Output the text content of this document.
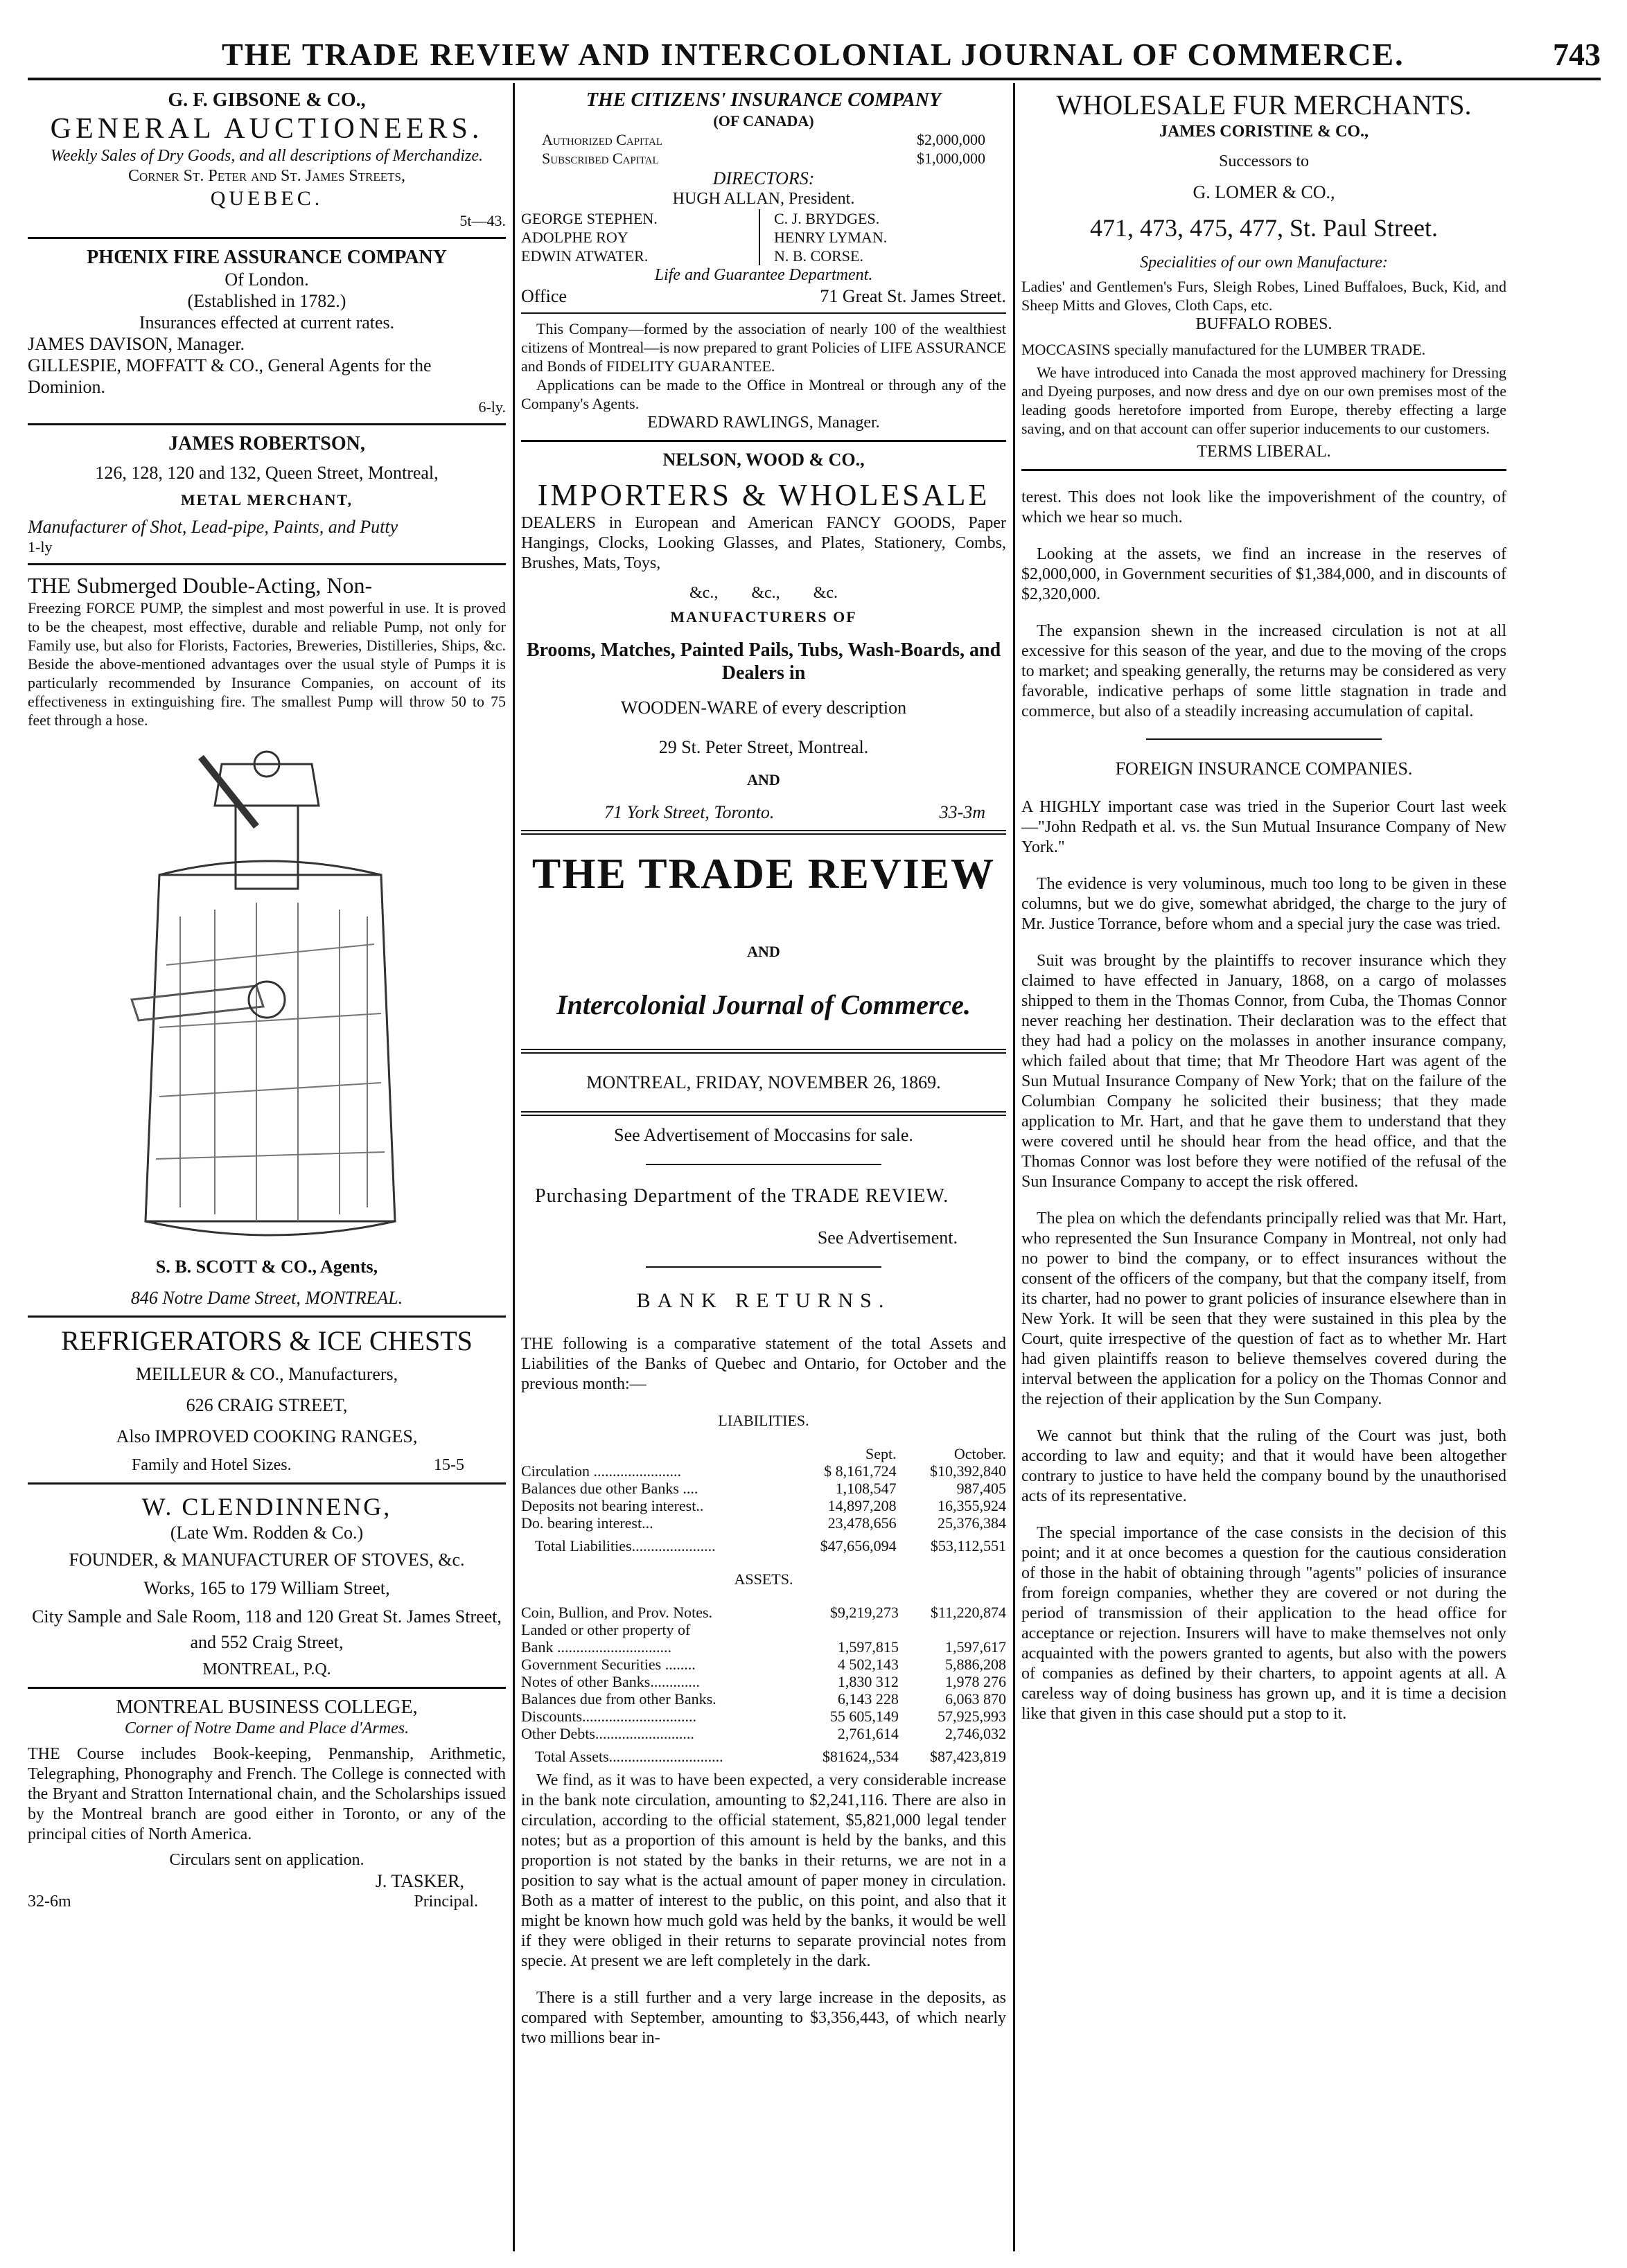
THE TRADE REVIEW AND INTERCOLONIAL JOURNAL OF COMMERCE.	743

G. F. GIBSONE & CO.,

GENERAL AUCTIONEERS.

Weekly Sales of Dry Goods, and all descriptions of Merchandize.

Corner St. Peter and St. James Streets,

QUEBEC.

5t—43.

PHŒNIX FIRE ASSURANCE COMPANY

Of London.

(Established in 1782.)

Insurances effected at current rates.

JAMES DAVISON, Manager.

GILLESPIE, MOFFATT & CO., General Agents for the Dominion.

6-ly.

JAMES ROBERTSON,

126, 128, 120 and 132, Queen Street, Montreal,

METAL MERCHANT,

Manufacturer of Shot, Lead-pipe, Paints, and Putty

1-ly

THE Submerged Double-Acting, Non-

Freezing FORCE PUMP, the simplest and most powerful in use. It is proved to be the cheapest, most effective, durable and reliable Pump, not only for Family use, but also for Florists, Factories, Breweries, Distilleries, Ships, &c. Beside the above-mentioned advantages over the usual style of Pumps it is particularly recommended by Insurance Companies, on account of its effectiveness in extinguishing fire. The smallest Pump will throw 50 to 75 feet through a hose.

S. B. SCOTT & CO., Agents,

846 Notre Dame Street, MONTREAL.

REFRIGERATORS & ICE CHESTS

MEILLEUR & CO., Manufacturers,

626 CRAIG STREET,

Also IMPROVED COOKING RANGES,

Family and Hotel Sizes.	15-5

W. CLENDINNENG,

(Late Wm. Rodden & Co.)

FOUNDER, & MANUFACTURER OF STOVES, &c.

Works, 165 to 179 William Street,

City Sample and Sale Room, 118 and 120 Great St. James Street,

and 552 Craig Street,

MONTREAL, P.Q.

MONTREAL BUSINESS COLLEGE,

Corner of Notre Dame and Place d'Armes.

THE Course includes Book-keeping, Penmanship, Arithmetic, Telegraphing, Phonography and French. The College is connected with the Bryant and Stratton International chain, and the Scholarships issued by the Montreal branch are good either in Toronto, or any of the principal cities of North America.

Circulars sent on application.

J. TASKER,

32-6m	Principal.

THE CITIZENS' INSURANCE COMPANY

(OF CANADA)

Authorized Capital	$2,000,000
Subscribed Capital	$1,000,000

DIRECTORS:

HUGH ALLAN, President.

GEORGE STEPHEN.

ADOLPHE ROY

EDWIN ATWATER.

C. J. BRYDGES.

HENRY LYMAN.

N. B. CORSE.

Life and Guarantee Department.

Office	71 Great St. James Street.

This Company—formed by the association of nearly 100 of the wealthiest citizens of Montreal—is now prepared to grant Policies of LIFE ASSURANCE and Bonds of FIDELITY GUARANTEE.

Applications can be made to the Office in Montreal or through any of the Company's Agents.

EDWARD RAWLINGS, Manager.

NELSON, WOOD & CO.,

IMPORTERS & WHOLESALE

DEALERS in European and American FANCY GOODS, Paper Hangings, Clocks, Looking Glasses, and Plates, Stationery, Combs, Brushes, Mats, Toys,

&c.,        &c.,        &c.

MANUFACTURERS OF

Brooms, Matches, Painted Pails, Tubs, Wash-Boards, and Dealers in

WOODEN-WARE of every description

29 St. Peter Street, Montreal.

AND

71 York Street, Toronto.	33-3m

THE TRADE REVIEW

AND

Intercolonial Journal of Commerce.

MONTREAL, FRIDAY, NOVEMBER 26, 1869.

See Advertisement of Moccasins for sale.

Purchasing Department of the TRADE REVIEW.

See Advertisement.

BANK RETURNS.

THE following is a comparative statement of the total Assets and Liabilities of the Banks of Quebec and Ontario, for October and the previous month:—

LIABILITIES.

	Sept.	October.
Circulation .......................	$ 8,161,724	$10,392,840
Balances due other Banks ....	1,108,547	987,405
Deposits not bearing interest..	14,897,208	16,355,924
Do. bearing interest...	23,478,656	25,376,384
Total Liabilities......................	$47,656,094	$53,112,551

ASSETS.

Coin, Bullion, and Prov. Notes.	$9,219,273	$11,220,874
Landed or other property of		
Bank ..............................	1,597,815	1,597,617
Government Securities ........	4 502,143	5,886,208
Notes of other Banks.............	1,830 312	1,978 276
Balances due from other Banks.	6,143 228	6,063 870
Discounts..............................	55 605,149	57,925,993
Other Debts..........................	2,761,614	2,746,032
Total Assets..............................	$81624,,534	$87,423,819

We find, as it was to have been expected, a very considerable increase in the bank note circulation, amounting to $2,241,116. There are also in circulation, according to the official statement, $5,821,000 legal tender notes; but as a proportion of this amount is held by the banks, and this proportion is not stated by the banks in their returns, we are not in a position to say what is the actual amount of paper money in circulation. Both as a matter of interest to the public, on this point, and also that it might be known how much gold was held by the banks, it would be well if they were obliged in their returns to separate provincial notes from specie. At present we are left completely in the dark.

There is a still further and a very large increase in the deposits, as compared with September, amounting to $3,356,443, of which nearly two millions bear in-

WHOLESALE FUR MERCHANTS.

JAMES CORISTINE & CO.,

Successors to

G. LOMER & CO.,

471, 473, 475, 477, St. Paul Street.

Specialities of our own Manufacture:

Ladies' and Gentlemen's Furs, Sleigh Robes, Lined Buffaloes, Buck, Kid, and Sheep Mitts and Gloves, Cloth Caps, etc.

BUFFALO ROBES.

MOCCASINS specially manufactured for the LUMBER TRADE.

We have introduced into Canada the most approved machinery for Dressing and Dyeing purposes, and now dress and dye on our own premises most of the leading goods heretofore imported from Europe, thereby effecting a large saving, and on that account can offer superior inducements to our customers.

TERMS LIBERAL.

terest. This does not look like the impoverishment of the country, of which we hear so much.

Looking at the assets, we find an increase in the reserves of $2,000,000, in Government securities of $1,384,000, and in discounts of $2,320,000.

The expansion shewn in the increased circulation is not at all excessive for this season of the year, and due to the moving of the crops to market; and speaking generally, the returns may be considered as very favorable, indicative perhaps of some little stagnation in trade and commerce, but also of a steadily increasing accumulation of capital.

FOREIGN INSURANCE COMPANIES.

A HIGHLY important case was tried in the Superior Court last week—"John Redpath et al. vs. the Sun Mutual Insurance Company of New York."

The evidence is very voluminous, much too long to be given in these columns, but we do give, somewhat abridged, the charge to the jury of Mr. Justice Torrance, before whom and a special jury the case was tried.

Suit was brought by the plaintiffs to recover insurance which they claimed to have effected in January, 1868, on a cargo of molasses shipped to them in the Thomas Connor, from Cuba, the Thomas Connor never reaching her destination. Their declaration was to the effect that they had had a policy on the molasses in another insurance company, which failed about that time; that Mr Theodore Hart was agent of the Sun Mutual Insurance Company of New York; that on the failure of the Columbian Company he solicited their business; that they made application to Mr. Hart, and that he gave them to understand that they were covered until he should hear from the head office, and that the Thomas Connor was lost before they were notified of the refusal of the Sun Insurance Company to accept the risk offered.

The plea on which the defendants principally relied was that Mr. Hart, who represented the Sun Insurance Company in Montreal, not only had no power to bind the company, or to effect insurances without the consent of the officers of the company, but that the company itself, from its charter, had no power to grant policies of insurance elsewhere than in New York. It will be seen that they were sustained in this plea by the Court, quite irrespective of the question of fact as to whether Mr. Hart had given plaintiffs reason to believe themselves covered during the interval between the application for a policy on the Thomas Connor and the rejection of their application by the Sun Company.

We cannot but think that the ruling of the Court was just, both according to law and equity; and that it would have been altogether contrary to justice to have held the company bound by the unauthorised acts of its representative.

The special importance of the case consists in the decision of this point; and it at once becomes a question for the cautious consideration of those in the habit of obtaining through "agents" policies of insurance from foreign companies, whether they are covered or not during the period of transmission of their application to the head office for acceptance or rejection. Insurers will have to make themselves not only acquainted with the powers granted to agents, but also with the powers of companies as defined by their charters, to appoint agents at all. A careless way of doing business has grown up, and it is time a decision like that given in this case should put a stop to it.
